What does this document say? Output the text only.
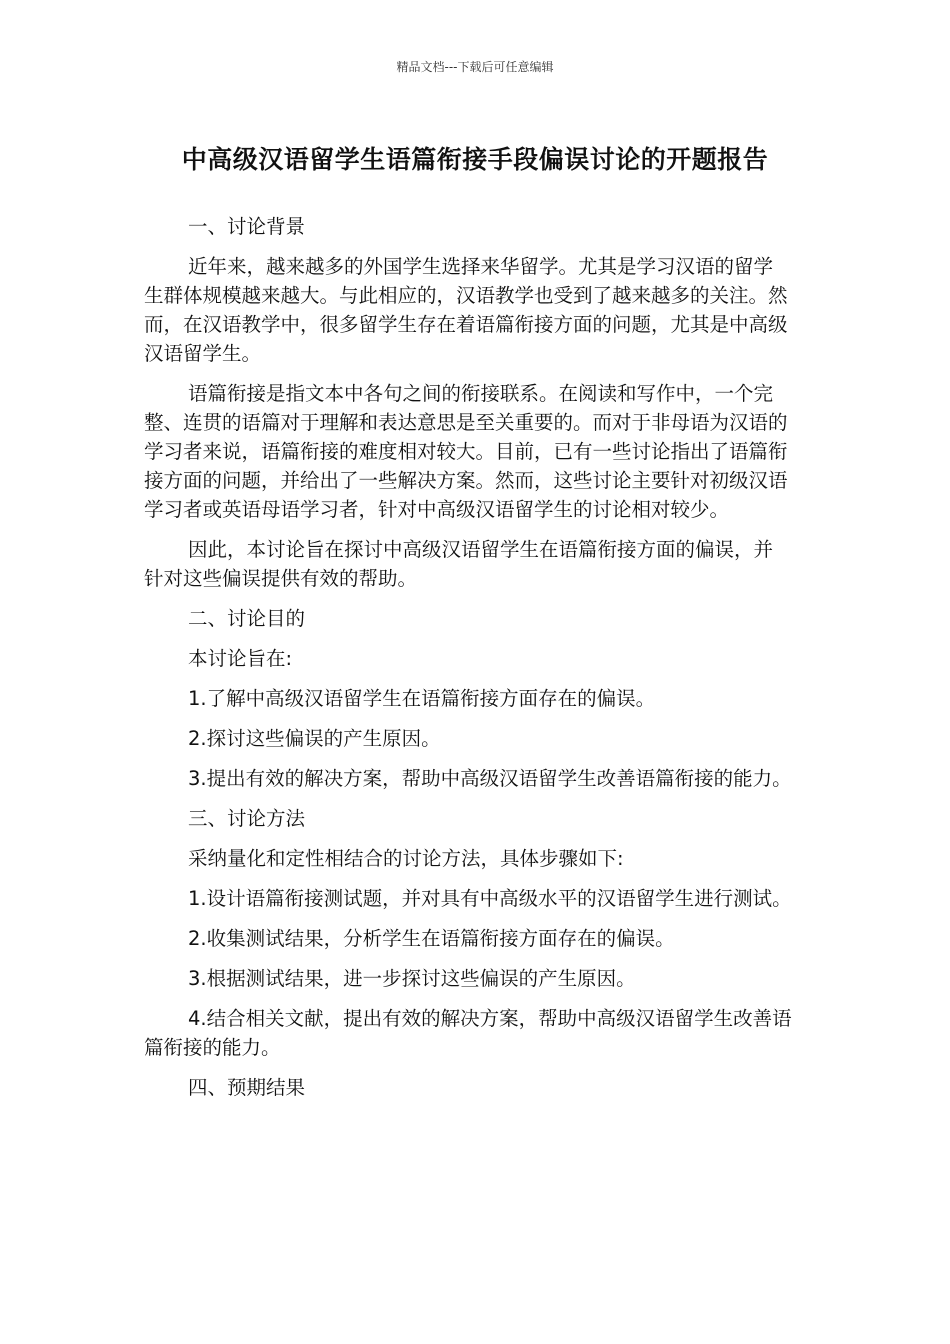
精品文档---下载后可任意编辑
中高级汉语留学生语篇衔接手段偏误讨论的开题报告

一、讨论背景

近年来，越来越多的外国学生选择来华留学。尤其是学习汉语的留学生群体规模越来越大。与此相应的，汉语教学也受到了越来越多的关注。然而，在汉语教学中，很多留学生存在着语篇衔接方面的问题，尤其是中高级汉语留学生。

语篇衔接是指文本中各句之间的衔接联系。在阅读和写作中，一个完整、连贯的语篇对于理解和表达意思是至关重要的。而对于非母语为汉语的学习者来说，语篇衔接的难度相对较大。目前，已有一些讨论指出了语篇衔接方面的问题，并给出了一些解决方案。然而，这些讨论主要针对初级汉语学习者或英语母语学习者，针对中高级汉语留学生的讨论相对较少。

因此，本讨论旨在探讨中高级汉语留学生在语篇衔接方面的偏误，并针对这些偏误提供有效的帮助。

二、讨论目的

本讨论旨在:

1.了解中高级汉语留学生在语篇衔接方面存在的偏误。

2.探讨这些偏误的产生原因。

3.提出有效的解决方案，帮助中高级汉语留学生改善语篇衔接的能力。

三、讨论方法

采纳量化和定性相结合的讨论方法，具体步骤如下:

1.设计语篇衔接测试题，并对具有中高级水平的汉语留学生进行测试。

2.收集测试结果，分析学生在语篇衔接方面存在的偏误。

3.根据测试结果，进一步探讨这些偏误的产生原因。

4.结合相关文献，提出有效的解决方案，帮助中高级汉语留学生改善语篇衔接的能力。

四、预期结果
